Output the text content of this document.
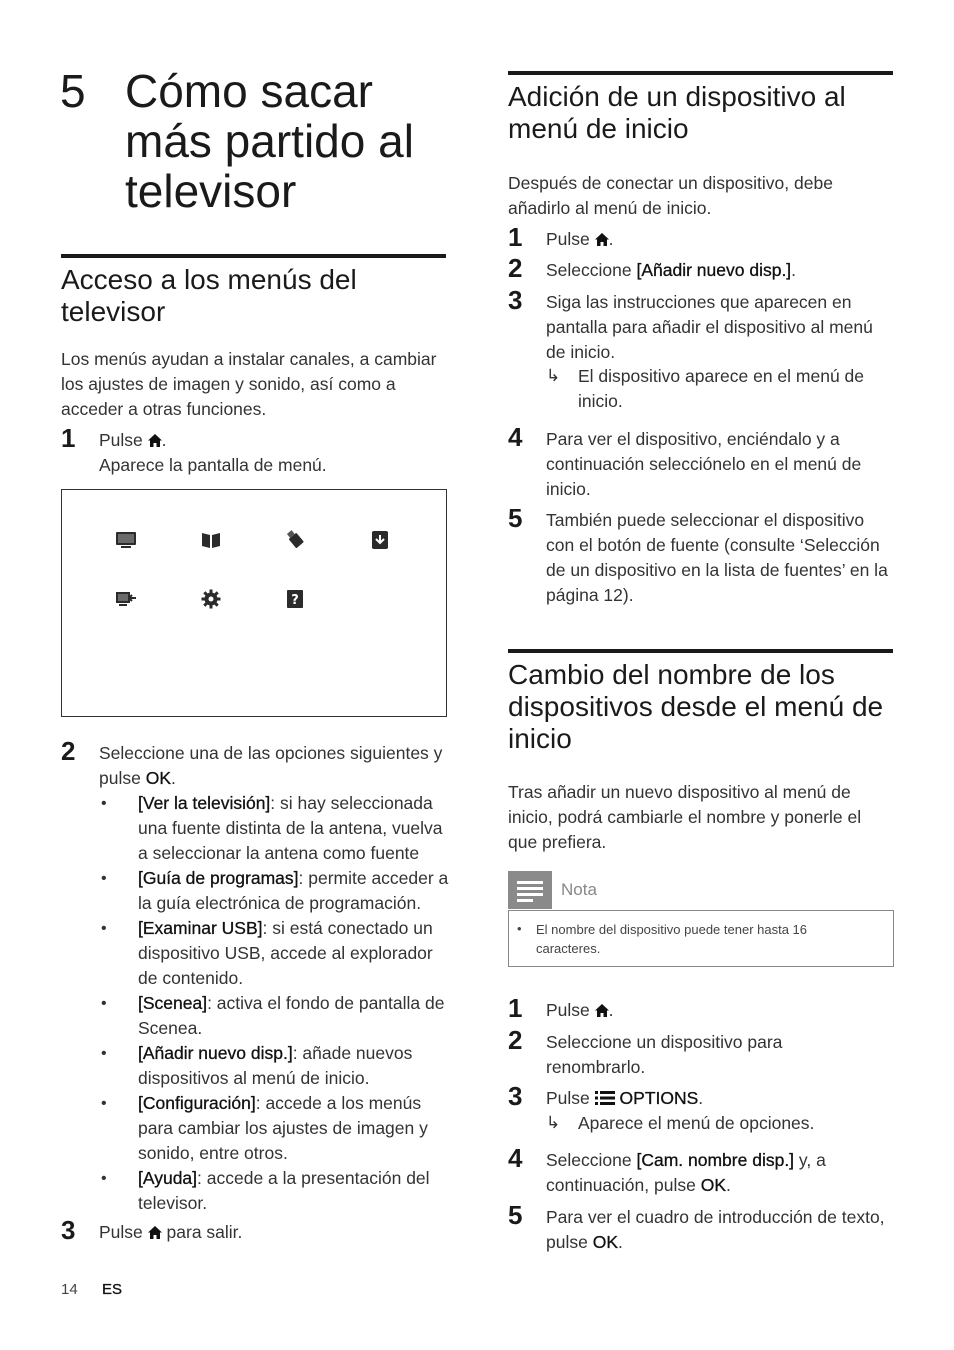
5 Cómo sacar más partido al televisor
Acceso a los menús del televisor
Los menús ayudan a instalar canales, a cambiar los ajustes de imagen y sonido, así como a acceder a otras funciones.
1 Pulse .
Aparece la pantalla de menú.
?
2 Seleccione una de las opciones siguientes y pulse OK.
• [Ver la televisión]: si hay seleccionada una fuente distinta de la antena, vuelva a seleccionar la antena como fuente
• [Guía de programas]: permite acceder a la guía electrónica de programación.
• [Examinar USB]: si está conectado un dispositivo USB, accede al explorador de contenido.
• [Scenea]: activa el fondo de pantalla de Scenea.
• [Añadir nuevo disp.]: añade nuevos dispositivos al menú de inicio.
• [Configuración]: accede a los menús para cambiar los ajustes de imagen y sonido, entre otros.
• [Ayuda]: accede a la presentación del televisor.
3 Pulse para salir.
Adición de un dispositivo al menú de inicio
Después de conectar un dispositivo, debe añadirlo al menú de inicio.
1 Pulse .
2 Seleccione [Añadir nuevo disp.].
3 Siga las instrucciones que aparecen en pantalla para añadir el dispositivo al menú de inicio.
↳ El dispositivo aparece en el menú de inicio.
4 Para ver el dispositivo, enciéndalo y a continuación selecciónelo en el menú de inicio.
5 También puede seleccionar el dispositivo con el botón de fuente (consulte ‘Selección de un dispositivo en la lista de fuentes’ en la página 12).
Cambio del nombre de los dispositivos desde el menú de inicio
Tras añadir un nuevo dispositivo al menú de inicio, podrá cambiarle el nombre y ponerle el que prefiera.
Nota
• El nombre del dispositivo puede tener hasta 16 caracteres.
1 Pulse .
2 Seleccione un dispositivo para renombrarlo.
3 Pulse OPTIONS.
↳ Aparece el menú de opciones.
4 Seleccione [Cam. nombre disp.] y, a continuación, pulse OK.
5 Para ver el cuadro de introducción de texto, pulse OK.
14 ES
